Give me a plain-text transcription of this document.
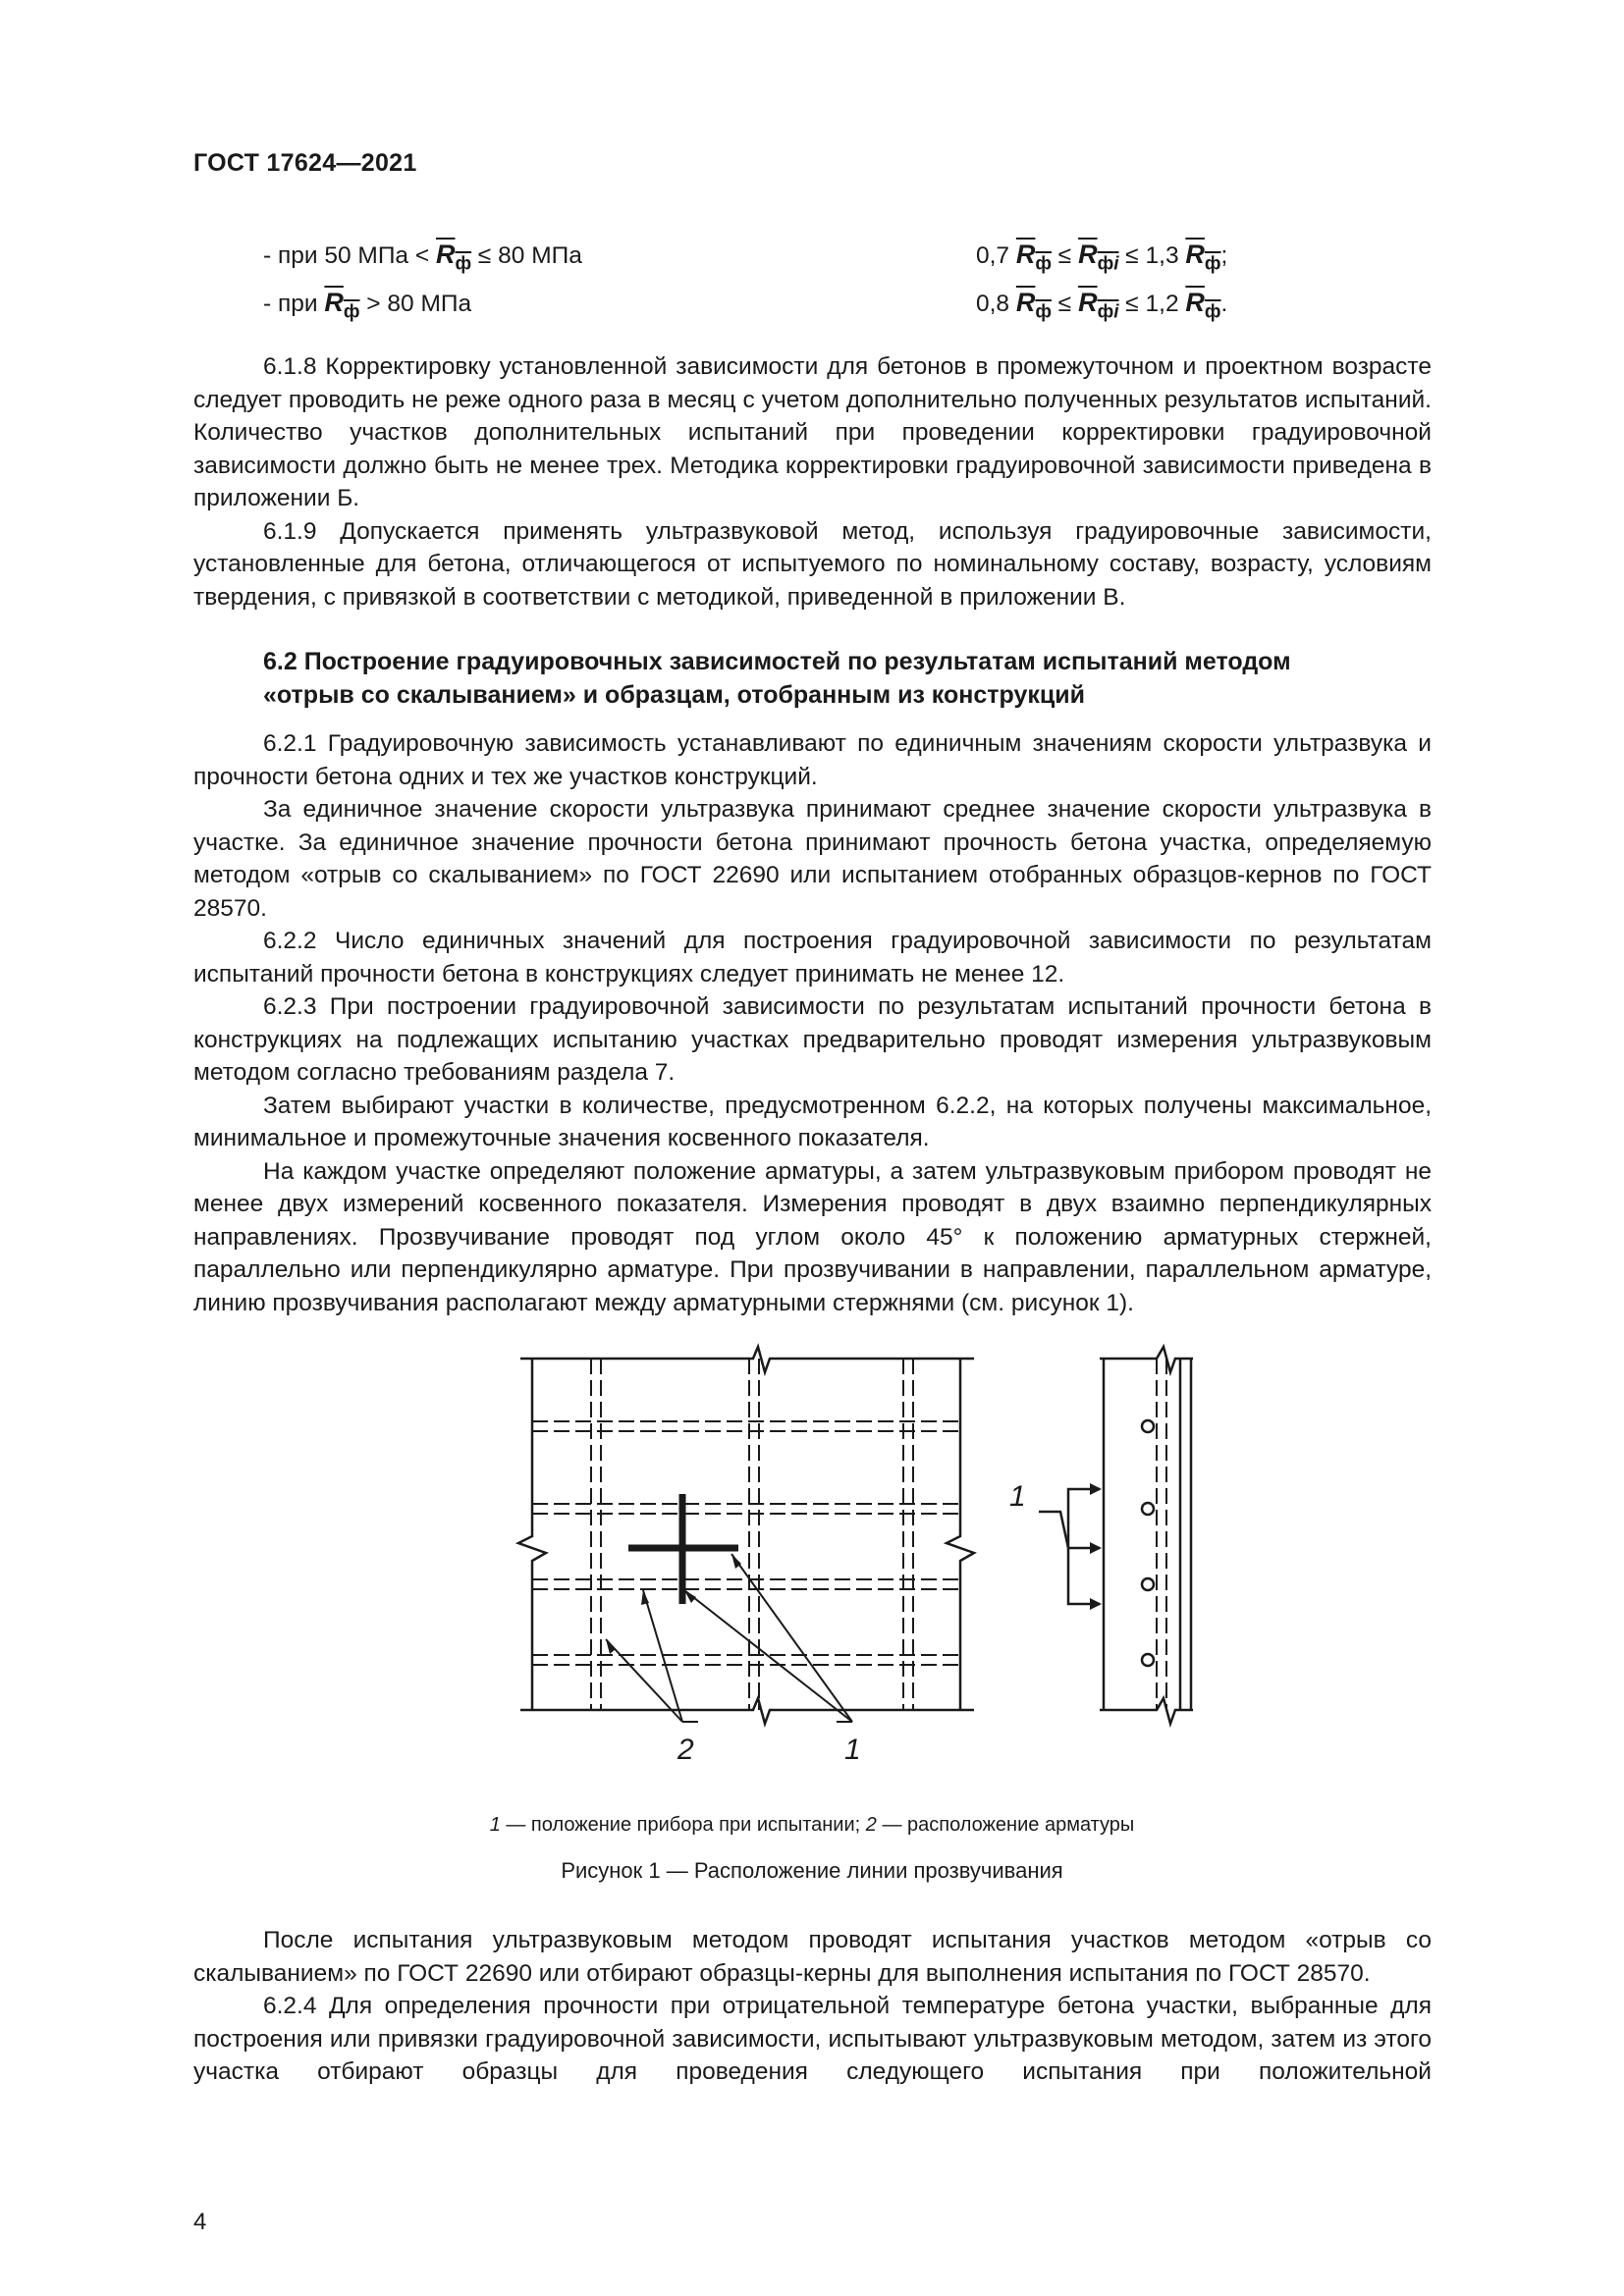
ГОСТ 17624—2021
- при 50 МПа < $R_ф \le 80$ МПа	0,7 $R_ф \le R_{фi} \le 1,3$ $R_ф$;
- при $R_ф > 80$ МПа	0,8 $R_ф \le R_{фi} \le 1,2$ $R_ф$.

6.1.8 Корректировку установленной зависимости для бетонов в промежуточном и проектном возрасте следует проводить не реже одного раза в месяц с учетом дополнительно полученных результатов испытаний. Количество участков дополнительных испытаний при проведении корректировки градуировочной зависимости должно быть не менее трех. Методика корректировки градуировочной зависимости приведена в приложении Б.

6.1.9 Допускается применять ультразвуковой метод, используя градуировочные зависимости, установленные для бетона, отличающегося от испытуемого по номинальному составу, возрасту, условиям твердения, с привязкой в соответствии с методикой, приведенной в приложении В.

6.2 Построение градуировочных зависимостей по результатам испытаний методом
«отрыв со скалыванием» и образцам, отобранным из конструкций

6.2.1 Градуировочную зависимость устанавливают по единичным значениям скорости ультразвука и прочности бетона одних и тех же участков конструкций.

За единичное значение скорости ультразвука принимают среднее значение скорости ультразвука в участке. За единичное значение прочности бетона принимают прочность бетона участка, определяемую методом «отрыв со скалыванием» по ГОСТ 22690 или испытанием отобранных образцов-кернов по ГОСТ 28570.

6.2.2 Число единичных значений для построения градуировочной зависимости по результатам испытаний прочности бетона в конструкциях следует принимать не менее 12.

6.2.3 При построении градуировочной зависимости по результатам испытаний прочности бетона в конструкциях на подлежащих испытанию участках предварительно проводят измерения ультразвуковым методом согласно требованиям раздела 7.

Затем выбирают участки в количестве, предусмотренном 6.2.2, на которых получены максимальное, минимальное и промежуточные значения косвенного показателя.

На каждом участке определяют положение арматуры, а затем ультразвуковым прибором проводят не менее двух измерений косвенного показателя. Измерения проводят в двух взаимно перпендикулярных направлениях. Прозвучивание проводят под углом около 45° к положению арматурных стержней, параллельно или перпендикулярно арматуре. При прозвучивании в направлении, параллельном арматуре, линию прозвучивания располагают между арматурными стержнями (см. рисунок 1).

2	1
1
1 — положение прибора при испытании; 2 — расположение арматуры
Рисунок 1 — Расположение линии прозвучивания

После испытания ультразвуковым методом проводят испытания участков методом «отрыв со скалыванием» по ГОСТ 22690 или отбирают образцы-керны для выполнения испытания по ГОСТ 28570.

6.2.4 Для определения прочности при отрицательной температуре бетона участки, выбранные для построения или привязки градуировочной зависимости, испытывают ультразвуковым методом, затем из этого участка отбирают образцы для проведения следующего испытания при положительной

4
